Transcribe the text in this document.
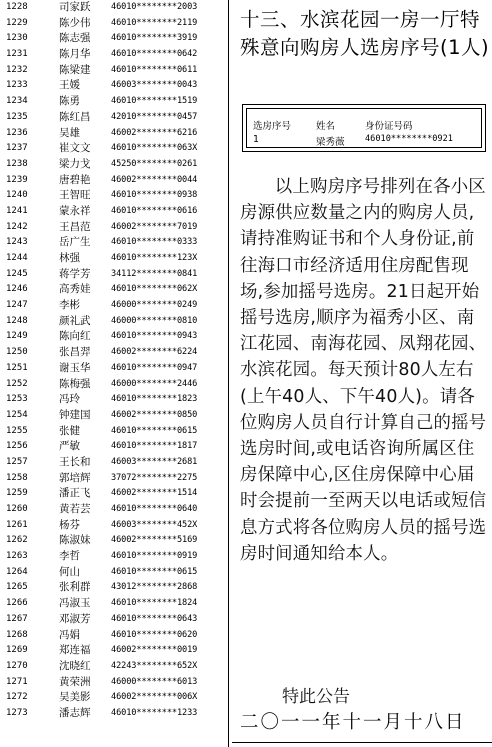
1228	司家跃	46010********2003
1229	陈少伟	46010********2119
1230	陈志强	46010********3919
1231	陈月华	46010********0642
1232	陈梁建	46010********0611
1233	王媛	46003********0043
1234	陈勇	46010********1519
1235	陈红昌	42010********0457
1236	吴雄	46002********6216
1237	崔文文	46010********063X
1238	梁力戈	45250********0261
1239	唐碧艳	46002********0044
1240	王智旺	46010********0938
1241	蒙永祥	46010********0616
1242	王昌范	46002********7019
1243	岳广生	46010********0333
1244	林强	46010********123X
1245	蒋学芳	34112********0841
1246	高秀娃	46010********062X
1247	李彬	46000********0249
1248	颜礼武	46000********0810
1249	陈向红	46010********0943
1250	张昌羿	46002********6224
1251	谢玉华	46010********0947
1252	陈梅强	46000********2446
1253	冯玲	46010********1823
1254	钟建国	46002********0850
1255	张健	46010********0615
1256	严敏	46010********1817
1257	王长和	46003********2681
1258	郭培辉	37072********2275
1259	潘正飞	46002********1514
1260	黄若芸	46010********0640
1261	杨芬	46003********452X
1262	陈淑妹	46002********5169
1263	李哲	46010********0919
1264	何山	46010********0615
1265	张利群	43012********2868
1266	冯淑玉	46010********1824
1267	邓淑芳	46010********0643
1268	冯娟	46010********0620
1269	郑连福	46002********0019
1270	沈晓红	42243********652X
1271	黄荣洲	46000********6013
1272	吴美影	46002********006X
1273	潘志辉	46010********1233
十三、水滨花园一房一厅特殊意向购房人选房序号(1人)
选房序号	姓名	身份证号码
1	梁秀薇 46010********0921
以上购房序号排列在各小区房源供应数量之内的购房人员,请持准购证书和个人身份证,前往海口市经济适用住房配售现场,参加摇号选房。21日起开始摇号选房,顺序为福秀小区、南江花园、南海花园、凤翔花园、水滨花园。每天预计80人左右(上午40人、下午40人)。请各位购房人员自行计算自己的摇号选房时间,或电话咨询所属区住房保障中心,区住房保障中心届时会提前一至两天以电话或短信息方式将各位购房人员的摇号选房时间通知给本人。
特此公告
二〇一一年十一月十八日
